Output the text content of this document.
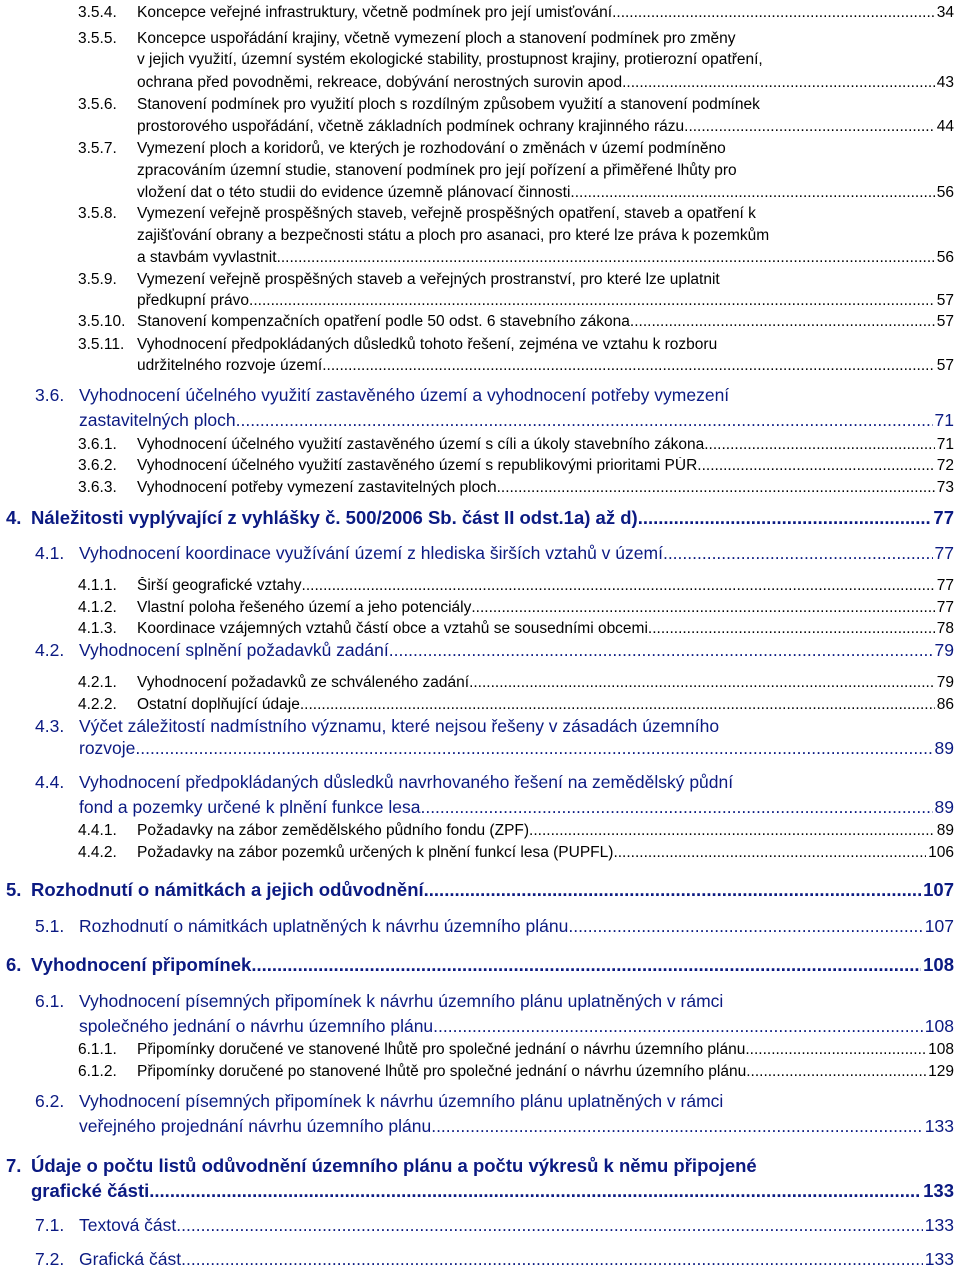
3.5.4. Koncepce veřejné infrastruktury, včetně podmínek pro její umisťování .....	34
3.5.5. Koncepce uspořádání krajiny, včetně vymezení ploch a stanovení podmínek pro změny
v jejich využití, územní systém ekologické stability, prostupnost krajiny, protierozní opatření,
ochrana před povodněmi, rekreace, dobývání nerostných surovin apod. .....	43
3.5.6. Stanovení podmínek pro využití ploch s rozdílným způsobem využití a stanovení podmínek
prostorového uspořádání, včetně základních podmínek ochrany krajinného rázu .....	44
3.5.7. Vymezení ploch a koridorů, ve kterých je rozhodování o změnách v území podmíněno
zpracováním územní studie, stanovení podmínek pro její pořízení a přiměřené lhůty pro
vložení dat o této studii do evidence územně plánovací činnosti .....	56
3.5.8. Vymezení veřejně prospěšných staveb, veřejně prospěšných opatření, staveb a opatření k
zajišťování obrany a bezpečnosti státu a ploch pro asanaci, pro které lze práva k pozemkům
a stavbám vyvlastnit .....	56
3.5.9. Vymezení veřejně prospěšných staveb a veřejných prostranství, pro které lze uplatnit
předkupní právo .....	57
3.5.10. Stanovení kompenzačních opatření podle 50 odst. 6 stavebního zákona .....	57
3.5.11. Vyhodnocení předpokládaných důsledků tohoto řešení, zejména ve vztahu k rozboru
udržitelného rozvoje území .....	57
3.6. Vyhodnocení účelného využití zastavěného území a vyhodnocení potřeby vymezení
zastavitelných ploch .....	71
3.6.1. Vyhodnocení účelného využití zastavěného území s cíli a úkoly stavebního zákona .....	71
3.6.2. Vyhodnocení účelného využití zastavěného území s republikovými prioritami PÚR .....	72
3.6.3. Vyhodnocení potřeby vymezení zastavitelných ploch .....	73
4. Náležitosti vyplývající z vyhlášky č. 500/2006 Sb. část II odst.1a) až d) .....	77
4.1. Vyhodnocení koordinace využívání území z hlediska širších vztahů v území .....	77
4.1.1. Širší geografické vztahy .....	77
4.1.2. Vlastní poloha řešeného území a jeho potenciály .....	77
4.1.3. Koordinace vzájemných vztahů částí obce a vztahů se sousedními obcemi .....	78
4.2. Vyhodnocení splnění požadavků zadání .....	79
4.2.1. Vyhodnocení požadavků ze schváleného zadání .....	79
4.2.2. Ostatní doplňující údaje .....	86
4.3. Výčet záležitostí nadmístního významu, které nejsou řešeny v zásadách územního
rozvoje .....	89
4.4. Vyhodnocení předpokládaných důsledků navrhovaného řešení na zemědělský půdní
fond a pozemky určené k plnění funkce lesa .....	89
4.4.1. Požadavky na zábor zemědělského půdního fondu (ZPF) .....	89
4.4.2. Požadavky na zábor pozemků určených k plnění funkcí lesa (PUPFL) .....	106
5. Rozhodnutí o námitkách a jejich odůvodnění .....	107
5.1. Rozhodnutí o námitkách uplatněných k návrhu územního plánu .....	107
6. Vyhodnocení připomínek .....	108
6.1. Vyhodnocení písemných připomínek k návrhu územního plánu uplatněných v rámci
společného jednání o návrhu územního plánu .....	108
6.1.1. Připomínky doručené ve stanovené lhůtě pro společné jednání o návrhu územního plánu .....	108
6.1.2. Připomínky doručené po stanovené lhůtě pro společné jednání o návrhu územního plánu .....	129
6.2. Vyhodnocení písemných připomínek k návrhu územního plánu uplatněných v rámci
veřejného projednání návrhu územního plánu .....	133
7. Údaje o počtu listů odůvodnění územního plánu a počtu výkresů k němu připojené
grafické části .....	133
7.1. Textová část .....	133
7.2. Grafická část .....	133
